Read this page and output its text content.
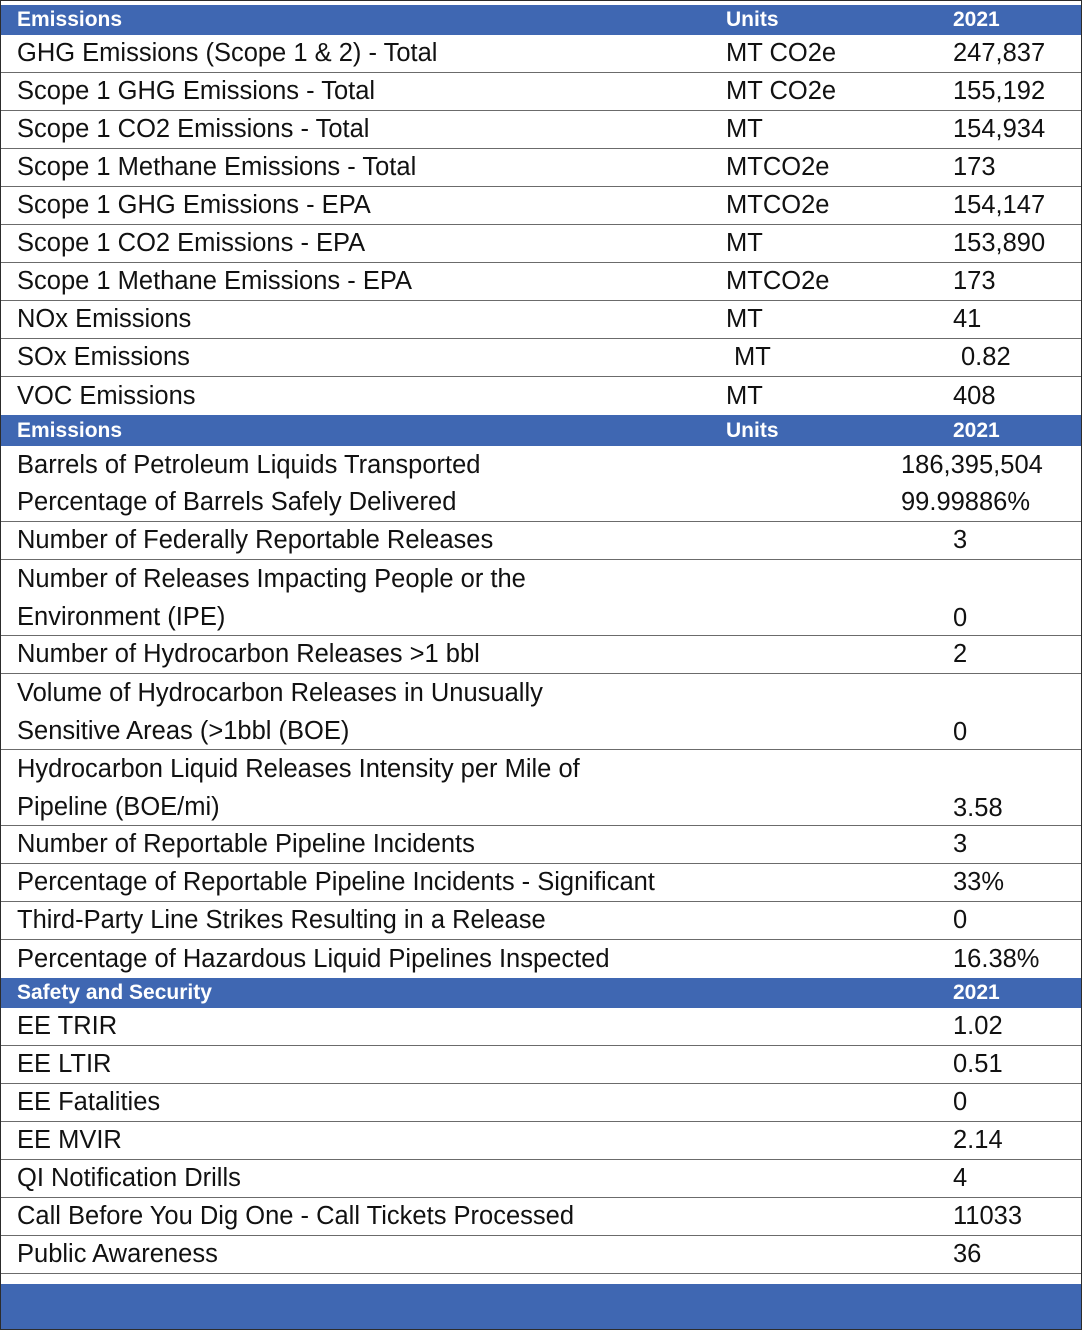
Emissions	Units	2021
GHG Emissions (Scope 1 & 2) - Total	MT CO2e	247,837
Scope 1 GHG Emissions - Total	MT CO2e	155,192
Scope 1 CO2 Emissions - Total	MT	154,934
Scope 1 Methane Emissions - Total	MTCO2e	173
Scope 1 GHG Emissions - EPA	MTCO2e	154,147
Scope 1 CO2 Emissions - EPA	MT	153,890
Scope 1 Methane Emissions - EPA	MTCO2e	173
NOx Emissions	MT	41
SOx Emissions	MT	0.82
VOC Emissions	MT	408
Emissions	Units	2021
Barrels of Petroleum Liquids Transported	186,395,504
Percentage of Barrels Safely Delivered	99.99886%
Number of Federally Reportable Releases	3
Number of Releases Impacting People or the Environment (IPE)	0
Number of Hydrocarbon Releases >1 bbl	2
Volume of Hydrocarbon Releases in Unusually Sensitive Areas (>1bbl (BOE)	0
Hydrocarbon Liquid Releases Intensity per Mile of Pipeline (BOE/mi)	3.58
Number of Reportable Pipeline Incidents	3
Percentage of Reportable Pipeline Incidents - Significant	33%
Third-Party Line Strikes Resulting in a Release	0
Percentage of Hazardous Liquid Pipelines Inspected	16.38%
Safety and Security	2021
EE TRIR	1.02
EE LTIR	0.51
EE Fatalities	0
EE MVIR	2.14
QI Notification Drills	4
Call Before You Dig One - Call Tickets Processed	11033
Public Awareness	36
